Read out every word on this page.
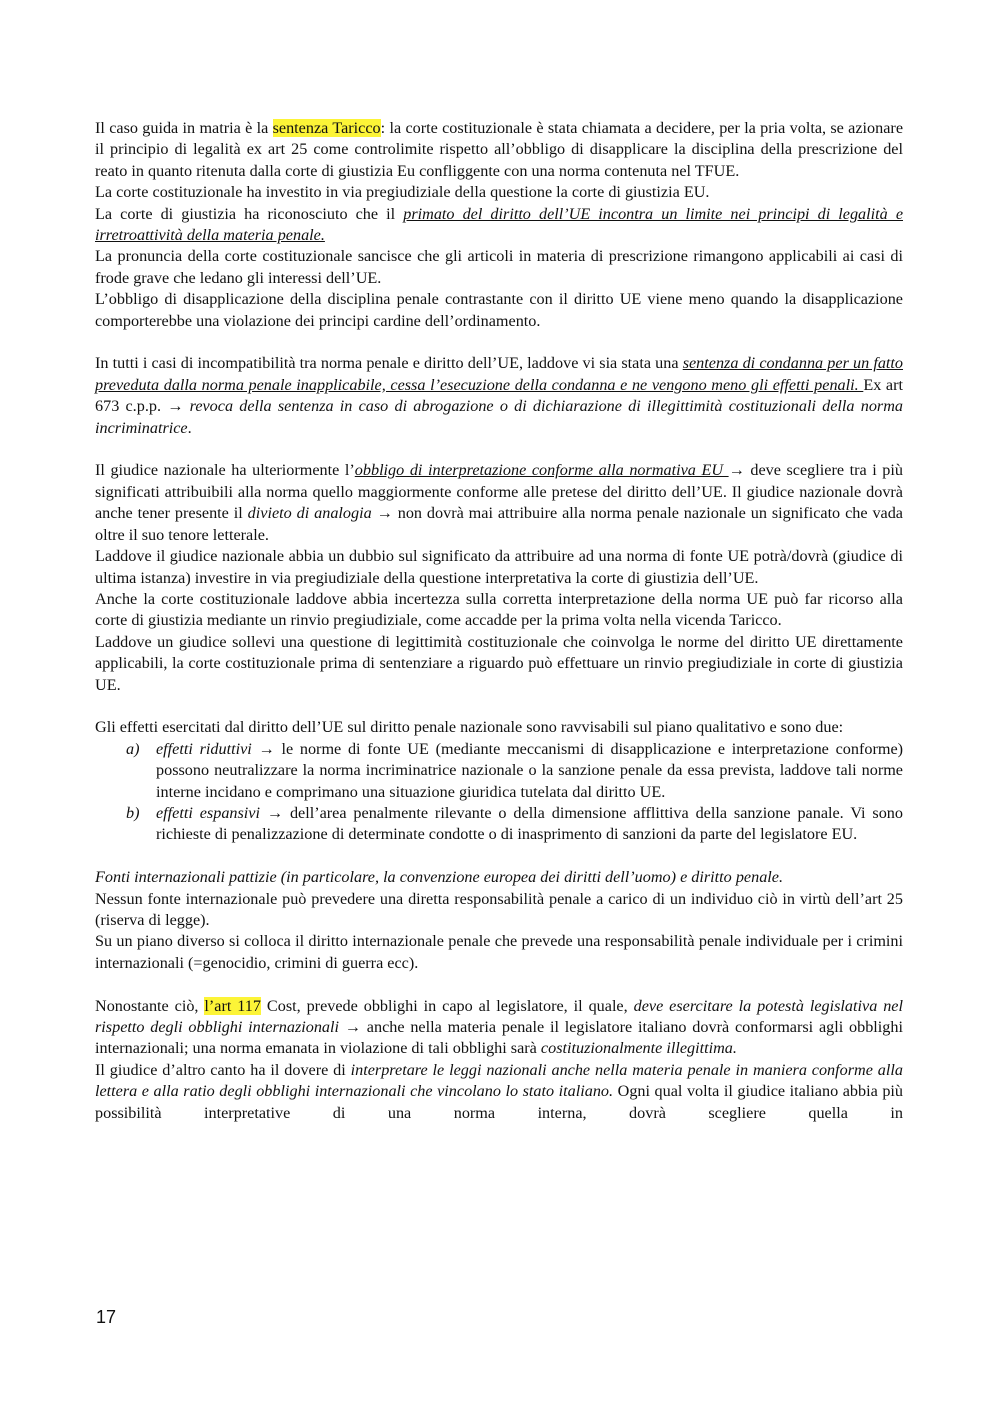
Il caso guida in matria è la sentenza Taricco: la corte costituzionale è stata chiamata a decidere, per la pria volta, se azionare il principio di legalità ex art 25 come controlimite rispetto all’obbligo di disapplicare la disciplina della prescrizione del reato in quanto ritenuta dalla corte di giustizia Eu confliggente con una norma contenuta nel TFUE.

La corte costituzionale ha investito in via pregiudiziale della questione la corte di giustizia EU.

La corte di giustizia ha riconosciuto che il primato del diritto dell’UE incontra un limite nei principi di legalità e irretroattività della materia penale.

La pronuncia della corte costituzionale sancisce che gli articoli in materia di prescrizione rimangono applicabili ai casi di frode grave che ledano gli interessi dell’UE.

L’obbligo di disapplicazione della disciplina penale contrastante con il diritto UE viene meno quando la disapplicazione comporterebbe una violazione dei principi cardine dell’ordinamento.

In tutti i casi di incompatibilità tra norma penale e diritto dell’UE, laddove vi sia stata una sentenza di condanna per un fatto preveduta dalla norma penale inapplicabile, cessa l’esecuzione della condanna e ne vengono meno gli effetti penali. Ex art 673 c.p.p. → revoca della sentenza in caso di abrogazione o di dichiarazione di illegittimità costituzionali della norma incriminatrice.

Il giudice nazionale ha ulteriormente l’obbligo di interpretazione conforme alla normativa EU → deve scegliere tra i più significati attribuibili alla norma quello maggiormente conforme alle pretese del diritto dell’UE. Il giudice nazionale dovrà anche tener presente il divieto di analogia → non dovrà mai attribuire alla norma penale nazionale un significato che vada oltre il suo tenore letterale.

Laddove il giudice nazionale abbia un dubbio sul significato da attribuire ad una norma di fonte UE potrà/dovrà (giudice di ultima istanza) investire in via pregiudiziale della questione interpretativa la corte di giustizia dell’UE.

Anche la corte costituzionale laddove abbia incertezza sulla corretta interpretazione della norma UE può far ricorso alla corte di giustizia mediante un rinvio pregiudiziale, come accadde per la prima volta nella vicenda Taricco.

Laddove un giudice sollevi una questione di legittimità costituzionale che coinvolga le norme del diritto UE direttamente applicabili, la corte costituzionale prima di sentenziare a riguardo può effettuare un rinvio pregiudiziale in corte di giustizia UE.

Gli effetti esercitati dal diritto dell’UE sul diritto penale nazionale sono ravvisabili sul piano qualitativo e sono due:

a)	effetti riduttivi → le norme di fonte UE (mediante meccanismi di disapplicazione e interpretazione conforme) possono neutralizzare la norma incriminatrice nazionale o la sanzione penale da essa prevista, laddove tali norme interne incidano e comprimano una situazione giuridica tutelata dal diritto UE.
b)	effetti espansivi → dell’area penalmente rilevante o della dimensione afflittiva della sanzione panale. Vi sono richieste di penalizzazione di determinate condotte o di inasprimento di sanzioni da parte del legislatore EU.

Fonti internazionali pattizie (in particolare, la convenzione europea dei diritti dell’uomo) e diritto penale.

Nessun fonte internazionale può prevedere una diretta responsabilità penale a carico di un individuo ciò in virtù dell’art 25 (riserva di legge).

Su un piano diverso si colloca il diritto internazionale penale che prevede una responsabilità penale individuale per i crimini internazionali (=genocidio, crimini di guerra ecc).

Nonostante ciò, l’art 117 Cost, prevede obblighi in capo al legislatore, il quale, deve esercitare la potestà legislativa nel rispetto degli obblighi internazionali → anche nella materia penale il legislatore italiano dovrà conformarsi agli obblighi internazionali; una norma emanata in violazione di tali obblighi sarà costituzionalmente illegittima.

Il giudice d’altro canto ha il dovere di interpretare le leggi nazionali anche nella materia penale in maniera conforme alla lettera e alla ratio degli obblighi internazionali che vincolano lo stato italiano. Ogni qual volta il giudice italiano abbia più possibilità interpretative di una norma interna, dovrà scegliere quella in

17
